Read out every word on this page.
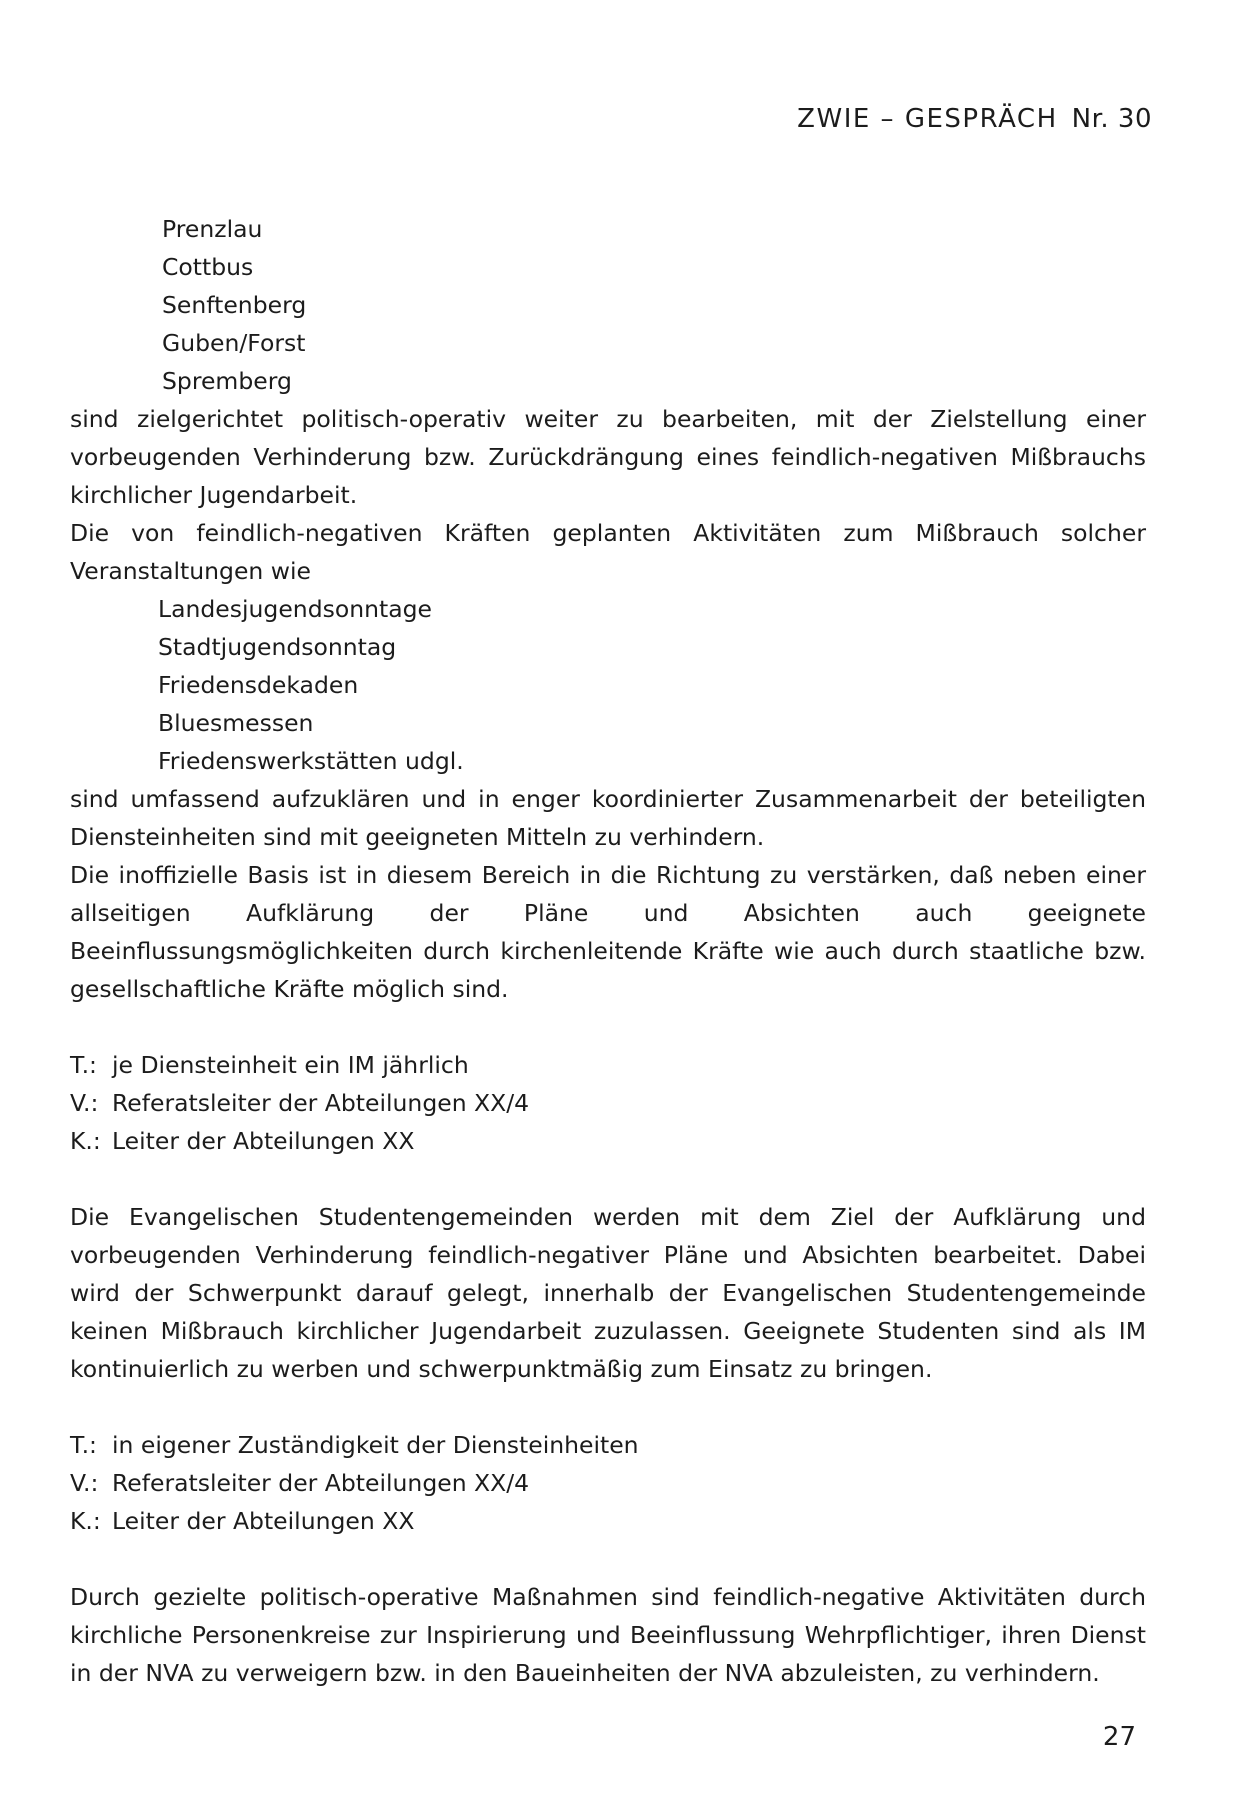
ZWIE – GESPRÄCH Nr. 30
Prenzlau
Cottbus
Senftenberg
Guben/Forst
Spremberg

sind zielgerichtet politisch-operativ weiter zu bearbeiten, mit der Zielstellung einer vorbeugenden Verhinderung bzw. Zurückdrängung eines feindlich-negativen Mißbrauchs kirchlicher Jugendarbeit.

Die von feindlich-negativen Kräften geplanten Aktivitäten zum Mißbrauch solcher Veranstaltungen wie

Landesjugendsonntage
Stadtjugendsonntag
Friedensdekaden
Bluesmessen
Friedenswerkstätten udgl.

sind umfassend aufzuklären und in enger koordinierter Zusammenarbeit der beteiligten Diensteinheiten sind mit geeigneten Mitteln zu verhindern.

Die inoffizielle Basis ist in diesem Bereich in die Richtung zu verstärken, daß neben einer allseitigen Aufklärung der Pläne und Absichten auch geeignete Beeinflussungsmöglichkeiten durch kirchenleitende Kräfte wie auch durch staatliche bzw. gesellschaftliche Kräfte möglich sind.

T.: je Diensteinheit ein IM jährlich
V.: Referatsleiter der Abteilungen XX/4
K.: Leiter der Abteilungen XX

Die Evangelischen Studentengemeinden werden mit dem Ziel der Aufklärung und vorbeugenden Verhinderung feindlich-negativer Pläne und Absichten bearbeitet. Dabei wird der Schwerpunkt darauf gelegt, innerhalb der Evangelischen Studentengemeinde keinen Mißbrauch kirchlicher Jugendarbeit zuzulassen. Geeignete Studenten sind als IM kontinuierlich zu werben und schwerpunktmäßig zum Einsatz zu bringen.

T.: in eigener Zuständigkeit der Diensteinheiten
V.: Referatsleiter der Abteilungen XX/4
K.: Leiter der Abteilungen XX

Durch gezielte politisch-operative Maßnahmen sind feindlich-negative Aktivitäten durch kirchliche Personenkreise zur Inspirierung und Beeinflussung Wehrpflichtiger, ihren Dienst in der NVA zu verweigern bzw. in den Baueinheiten der NVA abzuleisten, zu verhindern.

27
